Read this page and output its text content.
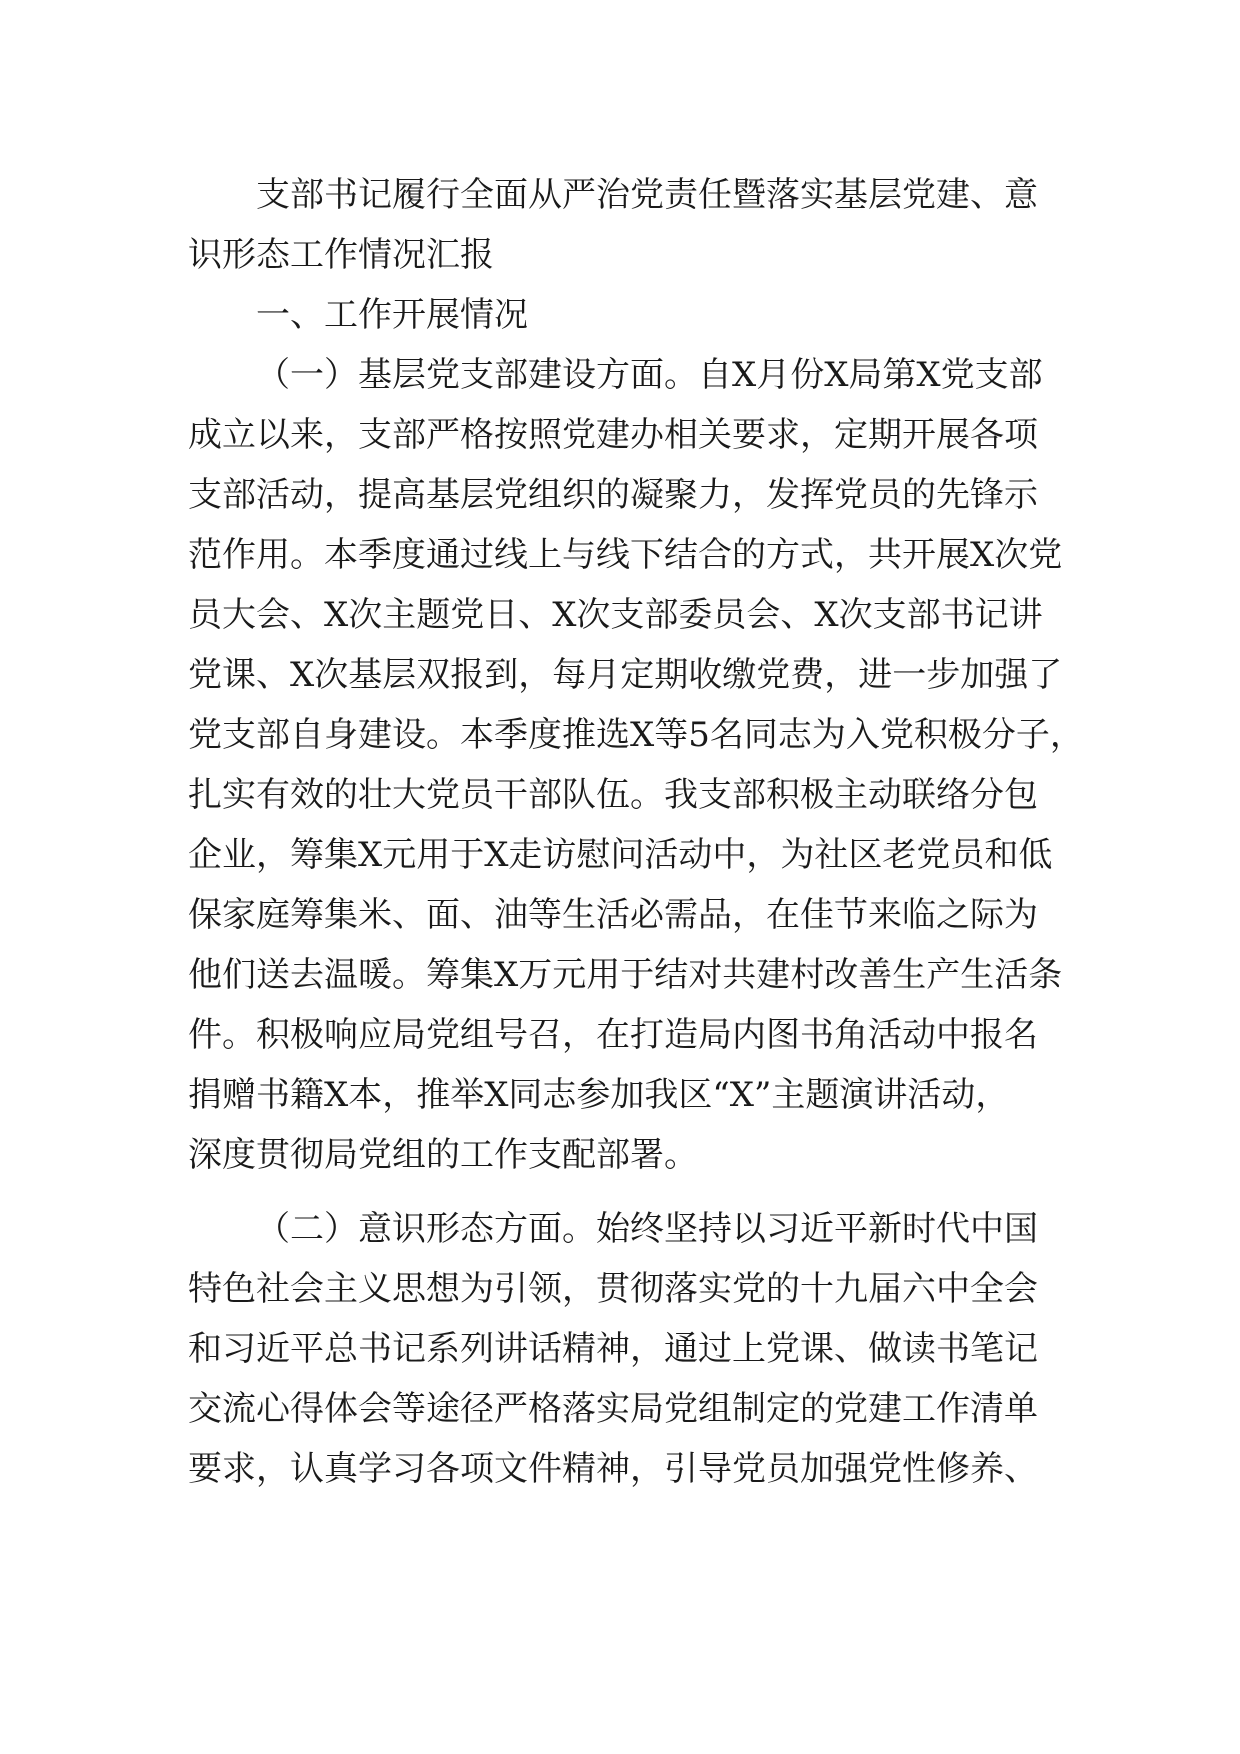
支部书记履行全面从严治党责任暨落实基层党建、意
识形态工作情况汇报
一、工作开展情况
（一）基层党支部建设方面。自X月份X局第X党支部
成立以来，支部严格按照党建办相关要求，定期开展各项
支部活动，提高基层党组织的凝聚力，发挥党员的先锋示
范作用。本季度通过线上与线下结合的方式，共开展X次党
员大会、X次主题党日、X次支部委员会、X次支部书记讲
党课、X次基层双报到，每月定期收缴党费，进一步加强了
党支部自身建设。本季度推选X等5名同志为入党积极分子，
扎实有效的壮大党员干部队伍。我支部积极主动联络分包
企业，筹集X元用于X走访慰问活动中，为社区老党员和低
保家庭筹集米、面、油等生活必需品，在佳节来临之际为
他们送去温暖。筹集X万元用于结对共建村改善生产生活条
件。积极响应局党组号召，在打造局内图书角活动中报名
捐赠书籍X本，推举X同志参加我区“X”主题演讲活动，
深度贯彻局党组的工作支配部署。
（二）意识形态方面。始终坚持以习近平新时代中国
特色社会主义思想为引领，贯彻落实党的十九届六中全会
和习近平总书记系列讲话精神，通过上党课、做读书笔记
交流心得体会等途径严格落实局党组制定的党建工作清单
要求，认真学习各项文件精神，引导党员加强党性修养、
